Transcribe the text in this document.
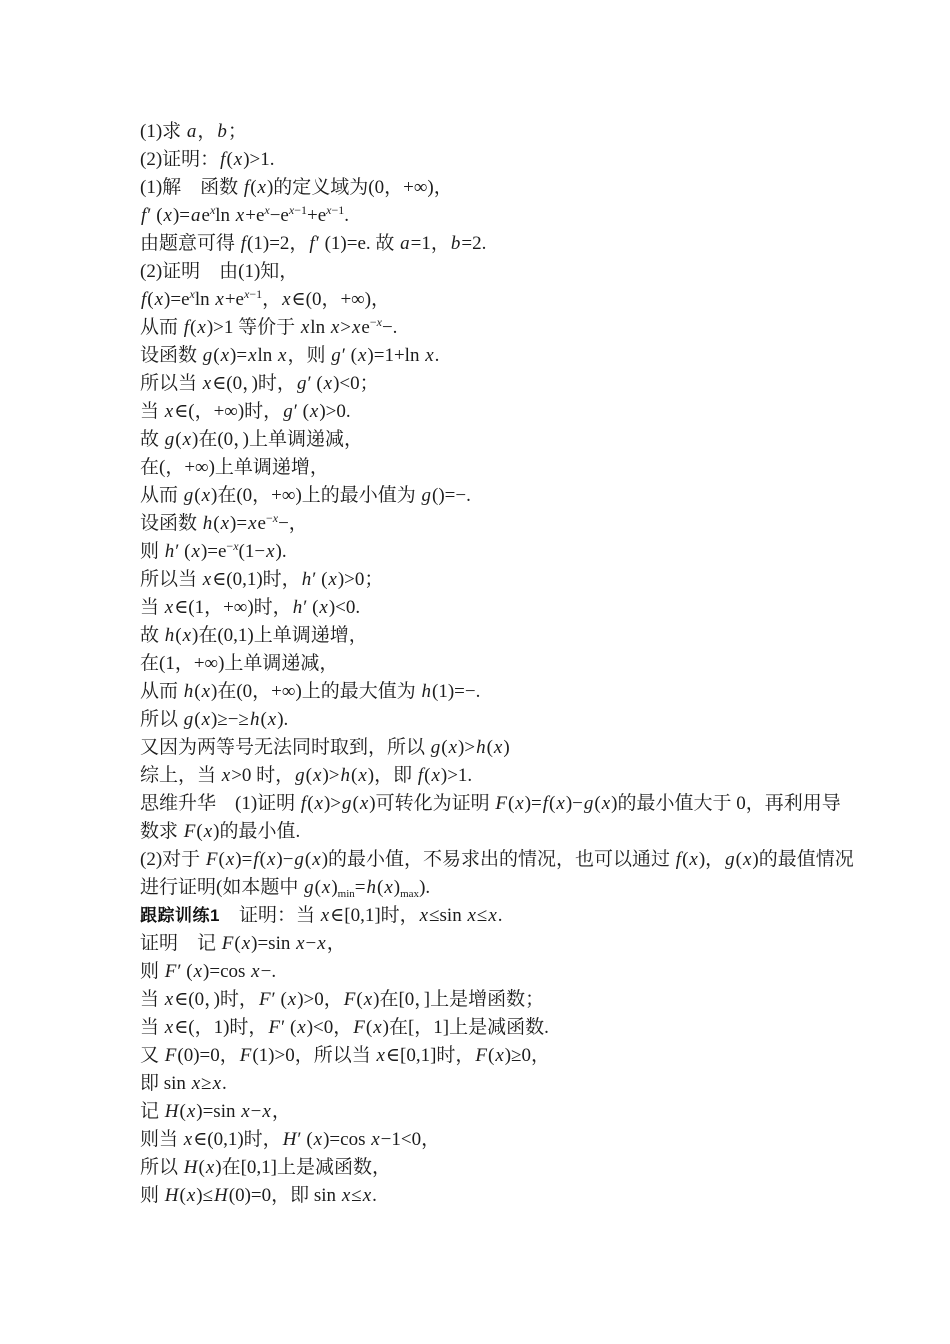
(1)求 a，b；
(2)证明：f(x)>1.
(1)解　函数 f(x)的定义域为(0，+∞)，
f′ $(x)=ae^x\ln$ $x+e^x-e^{x-1}+e^{x-1}$.
由题意可得 f(1)=2，f′ (1)=e. 故 a=1，b=2.
(2)证明　由(1)知，
$f(x)=e^x\ln$ $x+e^{x-1}$，x∈(0，+∞)，
从而 f(x)>1 等价于 xln $x>xe^{-x}-$.
设函数 g(x)=xln x，则 g′ (x)=1+ln x.
所以当 x∈(0，)时，g′ (x)<0；
当 x∈(，+∞)时，g′ (x)>0.
故 g(x)在(0，)上单调递减，
在(，+∞)上单调递增，
从而 g(x)在(0，+∞)上的最小值为 g()=−.
设函数 $h(x)=xe^{-x}-$，
则 h′ $(x)=e^{-x}(1-x)$.
所以当 x∈(0,1)时，h′ (x)>0；
当 x∈(1，+∞)时，h′ (x)<0.
故 h(x)在(0,1)上单调递增，
在(1，+∞)上单调递减，
从而 h(x)在(0，+∞)上的最大值为 h(1)=−.
所以 g(x)≥−≥h(x).
又因为两等号无法同时取到，所以 g(x)>h(x)
综上，当 x>0 时，g(x)>h(x)，即 f(x)>1.
思维升华　(1)证明 f(x)>g(x)可转化为证明 F(x)=f(x)−g(x)的最小值大于 0，再利用导
数求 F(x)的最小值.
(2)对于 F(x)=f(x)−g(x)的最小值，不易求出的情况，也可以通过 f(x)，g(x)的最值情况
进行证明(如本题中 $g(x)_{min}=h(x)_{max}$).
跟踪训练1　证明：当 x∈[0,1]时，x≤sin x≤x.
证明　记 F(x)=sin x−x，
则 F′ (x)=cos x−.
当 x∈(0，)时，F′ (x)>0，F(x)在[0，]上是增函数；
当 x∈(，1)时，F′ (x)<0，F(x)在[，1]上是减函数.
又 F(0)=0，F(1)>0，所以当 x∈[0,1]时，F(x)≥0，
即 sin x≥x.
记 H(x)=sin x−x，
则当 x∈(0,1)时，H′ (x)=cos x−1<0，
所以 H(x)在[0,1]上是减函数，
则 H(x)≤H(0)=0，即 sin x≤x.
